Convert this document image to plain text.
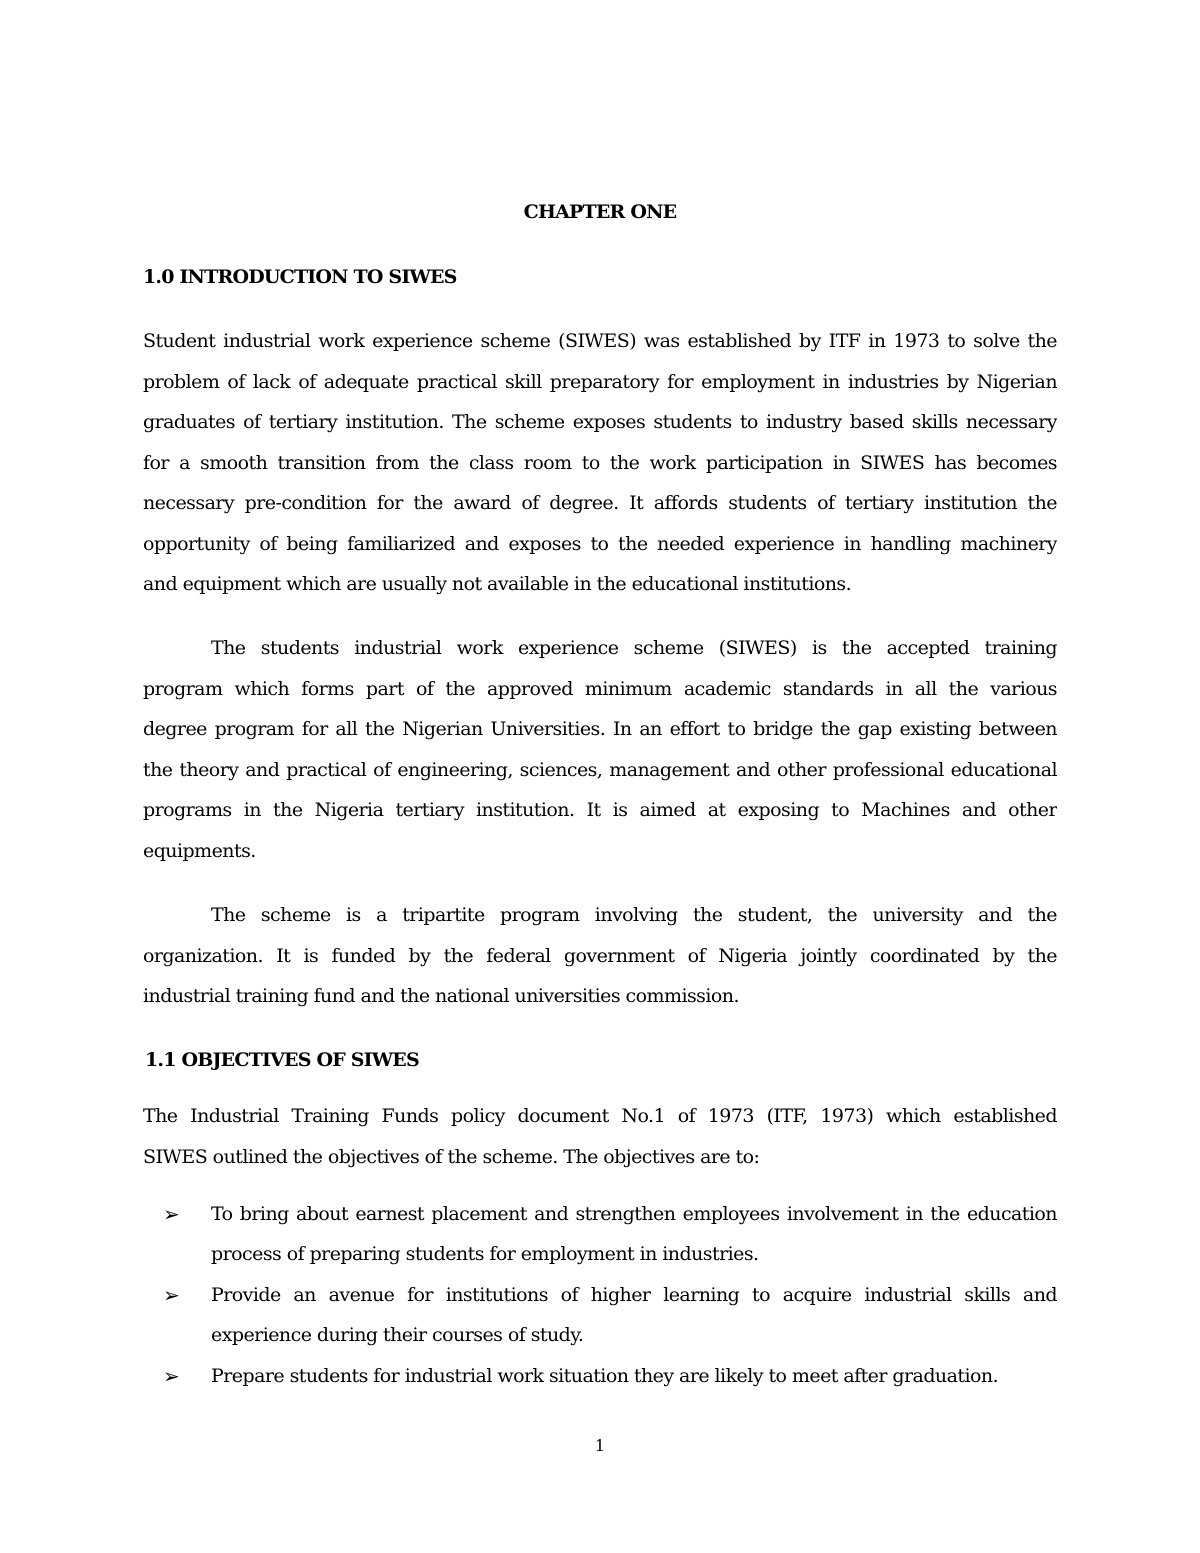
CHAPTER ONE
1.0 INTRODUCTION TO SIWES
Student industrial work experience scheme (SIWES) was established by ITF in 1973 to solve the
problem of lack of adequate practical skill preparatory for employment in industries by Nigerian
graduates of tertiary institution. The scheme exposes students to industry based skills necessary
for a smooth transition from the class room to the work participation in SIWES has becomes
necessary pre-condition for the award of degree. It affords students of tertiary institution the
opportunity of being familiarized and exposes to the needed experience in handling machinery
and equipment which are usually not available in the educational institutions.
The students industrial work experience scheme (SIWES) is the accepted training
program which forms part of the approved minimum academic standards in all the various
degree program for all the Nigerian Universities. In an effort to bridge the gap existing between
the theory and practical of engineering, sciences, management and other professional educational
programs in the Nigeria tertiary institution. It is aimed at exposing to Machines and other
equipments.
The scheme is a tripartite program involving the student, the university and the
organization. It is funded by the federal government of Nigeria jointly coordinated by the
industrial training fund and the national universities commission.
1.1 OBJECTIVES OF SIWES
The Industrial Training Funds policy document No.1 of 1973 (ITF, 1973) which established
SIWES outlined the objectives of the scheme. The objectives are to:
➢	To bring about earnest placement and strengthen employees involvement in the education
process of preparing students for employment in industries.
➢	Provide an avenue for institutions of higher learning to acquire industrial skills and
experience during their courses of study.
➢	Prepare students for industrial work situation they are likely to meet after graduation.
1
